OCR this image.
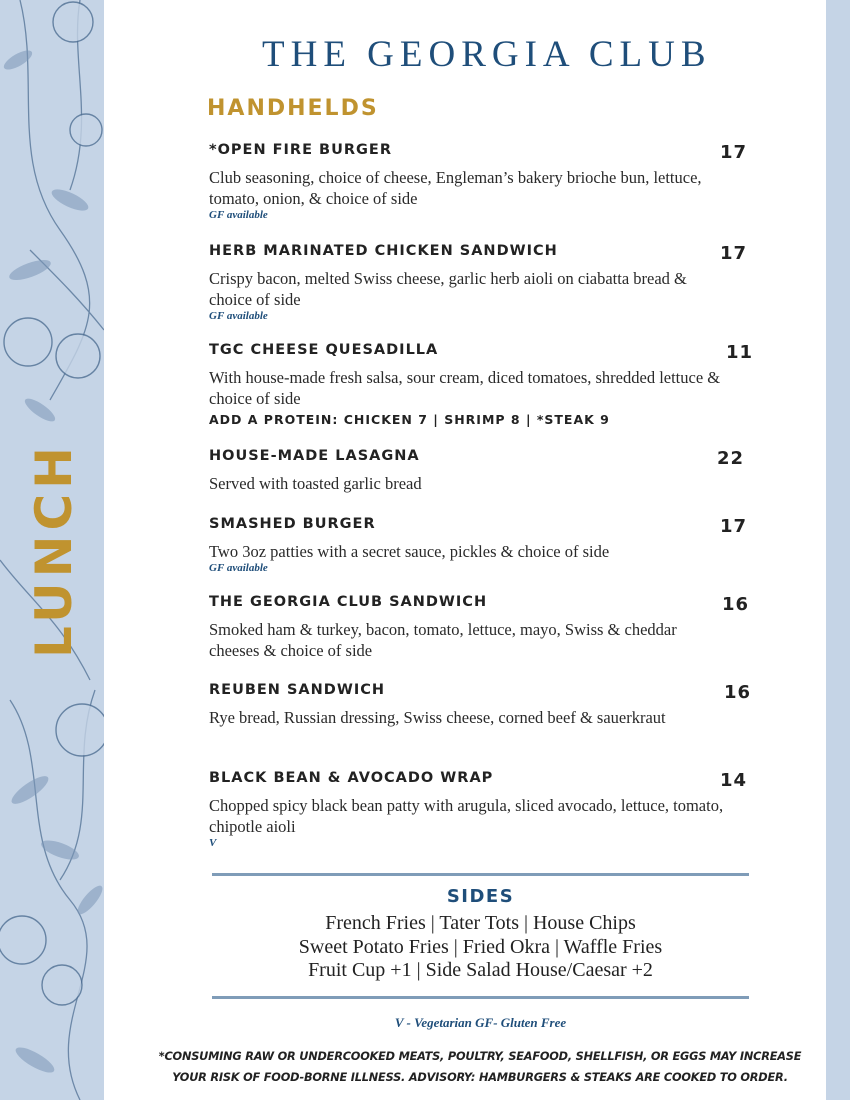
LUNCH
THE GEORGIA CLUB
HANDHELDS
*OPEN FIRE BURGER	17
Club seasoning, choice of cheese, Engleman’s bakery brioche bun, lettuce, tomato, onion, & choice of side
GF available
HERB MARINATED CHICKEN SANDWICH	17
Crispy bacon, melted Swiss cheese, garlic herb aioli on ciabatta bread & choice of side
GF available
TGC CHEESE QUESADILLA	11
With house-made fresh salsa, sour cream, diced tomatoes, shredded lettuce & choice of side
ADD A PROTEIN: CHICKEN 7 | SHRIMP 8 | *STEAK 9
HOUSE-MADE LASAGNA	22
Served with toasted garlic bread
SMASHED BURGER	17
Two 3oz patties with a secret sauce, pickles & choice of side
GF available
THE GEORGIA CLUB SANDWICH	16
Smoked ham & turkey, bacon, tomato, lettuce, mayo, Swiss & cheddar cheeses & choice of side
REUBEN SANDWICH	16
Rye bread, Russian dressing, Swiss cheese, corned beef & sauerkraut
BLACK BEAN & AVOCADO WRAP	14
Chopped spicy black bean patty with arugula, sliced avocado, lettuce, tomato, chipotle aioli
V
SIDES
French Fries | Tater Tots | House Chips
Sweet Potato Fries | Fried Okra | Waffle Fries
Fruit Cup +1 | Side Salad House/Caesar +2
V - Vegetarian GF- Gluten Free
*CONSUMING RAW OR UNDERCOOKED MEATS, POULTRY, SEAFOOD, SHELLFISH, OR EGGS MAY INCREASE
YOUR RISK OF FOOD-BORNE ILLNESS. ADVISORY: HAMBURGERS & STEAKS ARE COOKED TO ORDER.
